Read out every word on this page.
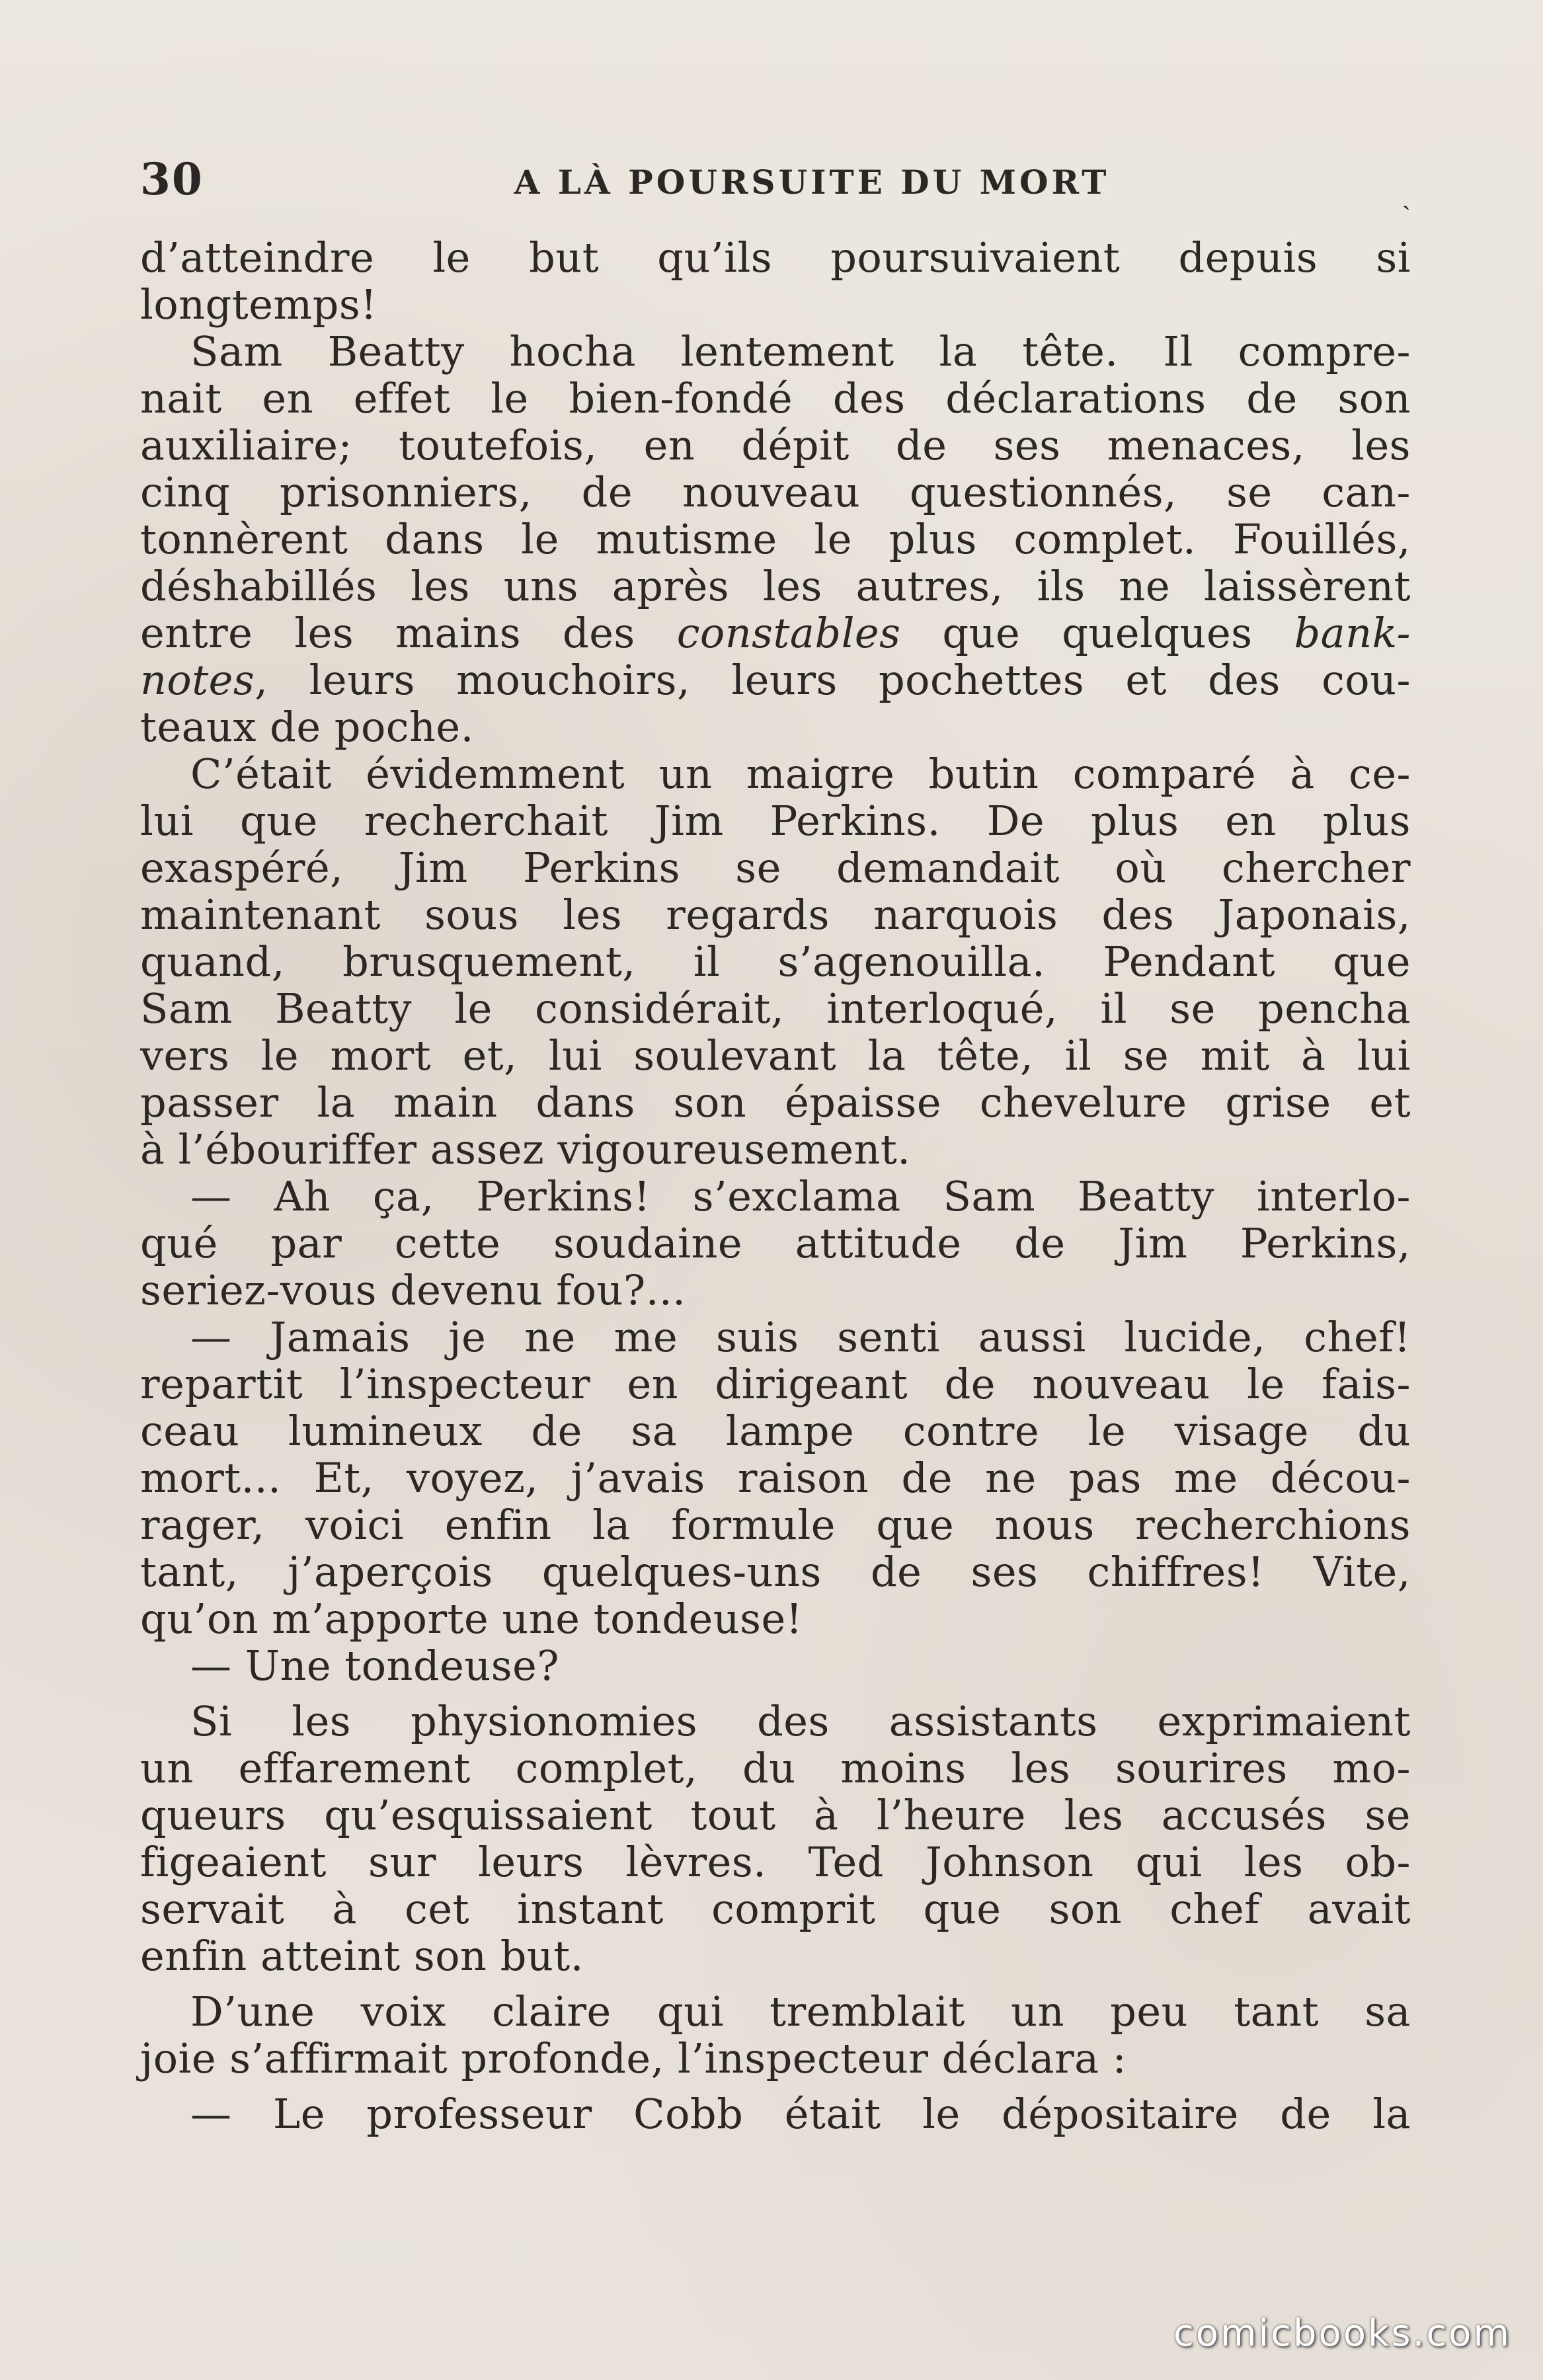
30	A LÀ POURSUITE DU MORT	ˎ
d’atteindre le but qu’ils poursuivaient depuis si
longtemps!
Sam Beatty hocha lentement la tête. Il compre-
nait en effet le bien-fondé des déclarations de son
auxiliaire; toutefois, en dépit de ses menaces, les
cinq prisonniers, de nouveau questionnés, se can-
tonnèrent dans le mutisme le plus complet. Fouillés,
déshabillés les uns après les autres, ils ne laissèrent
entre les mains des constables que quelques bank-
notes, leurs mouchoirs, leurs pochettes et des cou-
teaux de poche.
C’était évidemment un maigre butin comparé à ce-
lui que recherchait Jim Perkins. De plus en plus
exaspéré, Jim Perkins se demandait où chercher
maintenant sous les regards narquois des Japonais,
quand, brusquement, il s’agenouilla. Pendant que
Sam Beatty le considérait, interloqué, il se pencha
vers le mort et, lui soulevant la tête, il se mit à lui
passer la main dans son épaisse chevelure grise et
à l’ébouriffer assez vigoureusement.
— Ah ça, Perkins! s’exclama Sam Beatty interlo-
qué par cette soudaine attitude de Jim Perkins,
seriez-vous devenu fou?...
— Jamais je ne me suis senti aussi lucide, chef!
repartit l’inspecteur en dirigeant de nouveau le fais-
ceau lumineux de sa lampe contre le visage du
mort... Et, voyez, j’avais raison de ne pas me décou-
rager, voici enfin la formule que nous recherchions
tant, j’aperçois quelques-uns de ses chiffres! Vite,
qu’on m’apporte une tondeuse!
— Une tondeuse?
Si les physionomies des assistants exprimaient
un effarement complet, du moins les sourires mo-
queurs qu’esquissaient tout à l’heure les accusés se
figeaient sur leurs lèvres. Ted Johnson qui les ob-
servait à cet instant comprit que son chef avait
enfin atteint son but.
D’une voix claire qui tremblait un peu tant sa
joie s’affirmait profonde, l’inspecteur déclara :
— Le professeur Cobb était le dépositaire de la
comicbooks.com
